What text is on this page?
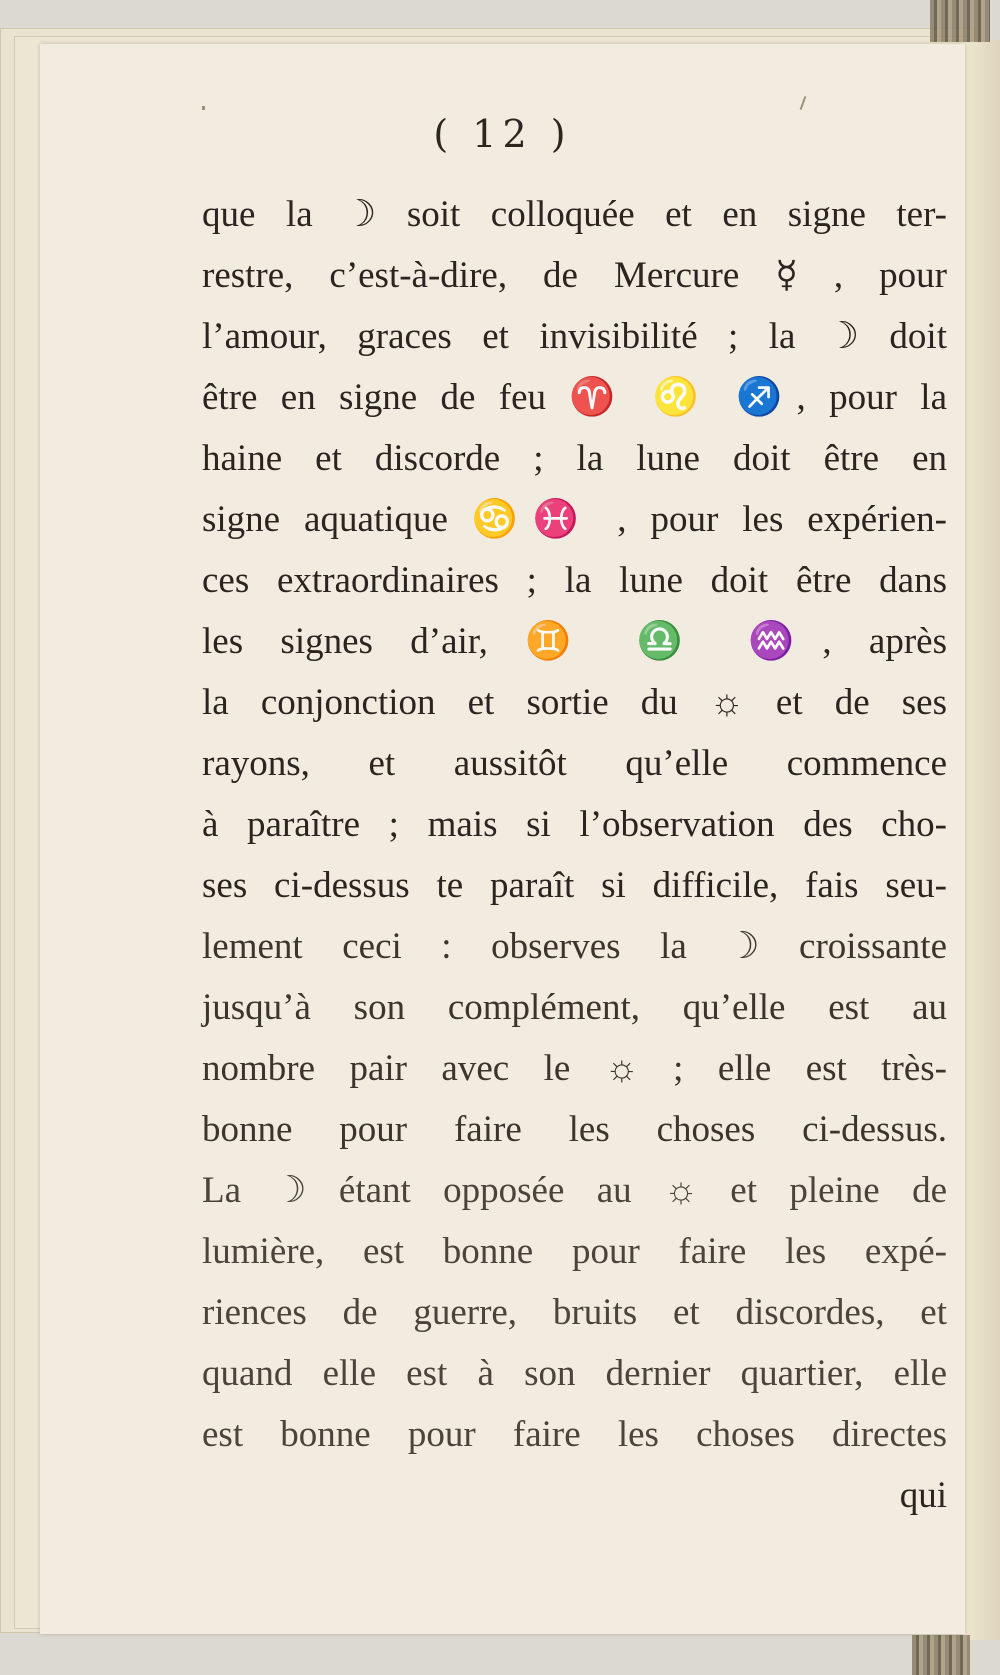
( 12 )
que la ☽ soit colloquée et en signe ter-
restre, c’est-à-dire, de Mercure ☿ , pour
l’amour, graces et invisibilité ; la ☽ doit
être en signe de feu ♈ ♌ ♐, pour la
haine et discorde ; la lune doit être en
signe aquatique ♋♓ , pour les expérien-
ces extraordinaires ; la lune doit être dans
les signes d’air, ♊ ♎ ♒, après
la conjonction et sortie du ☼ et de ses
rayons, et aussitôt qu’elle commence
à paraître ; mais si l’observation des cho-
ses ci-dessus te paraît si difficile, fais seu-
lement ceci : observes la ☽ croissante
jusqu’à son complément, qu’elle est au
nombre pair avec le ☼ ; elle est très-
bonne pour faire les choses ci-dessus.
La ☽ étant opposée au ☼ et pleine de
lumière, est bonne pour faire les expé-
riences de guerre, bruits et discordes, et
quand elle est à son dernier quartier, elle
est bonne pour faire les choses directes
qui
